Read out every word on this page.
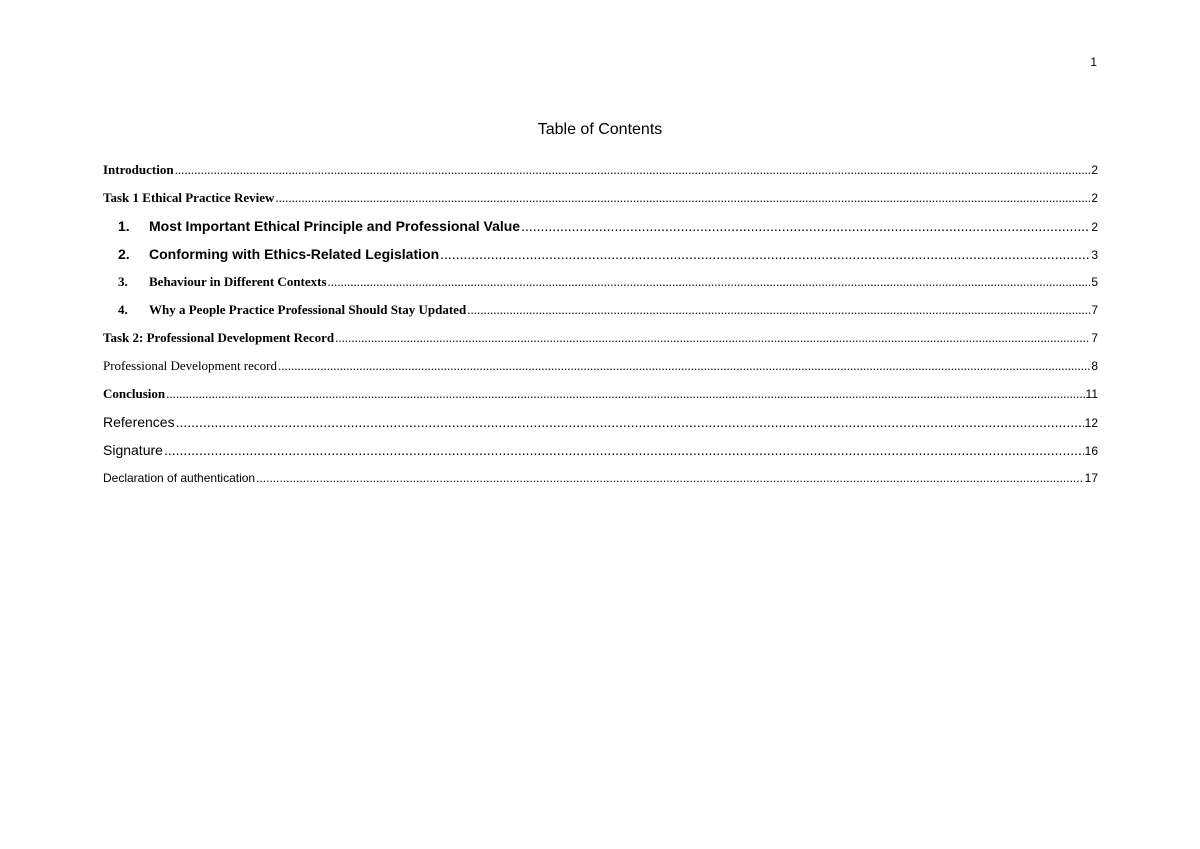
1
Table of Contents
Introduction .....	2
Task 1 Ethical Practice Review .....	2
1.	Most Important Ethical Principle and Professional Value .....	2
2.	Conforming with Ethics-Related Legislation .....	3
3.	Behaviour in Different Contexts .....	5
4.	Why a People Practice Professional Should Stay Updated .....	7
Task 2: Professional Development Record .....	7
Professional Development record .....	8
Conclusion .....	11
References .....	12
Signature .....	16
Declaration of authentication .....	17
